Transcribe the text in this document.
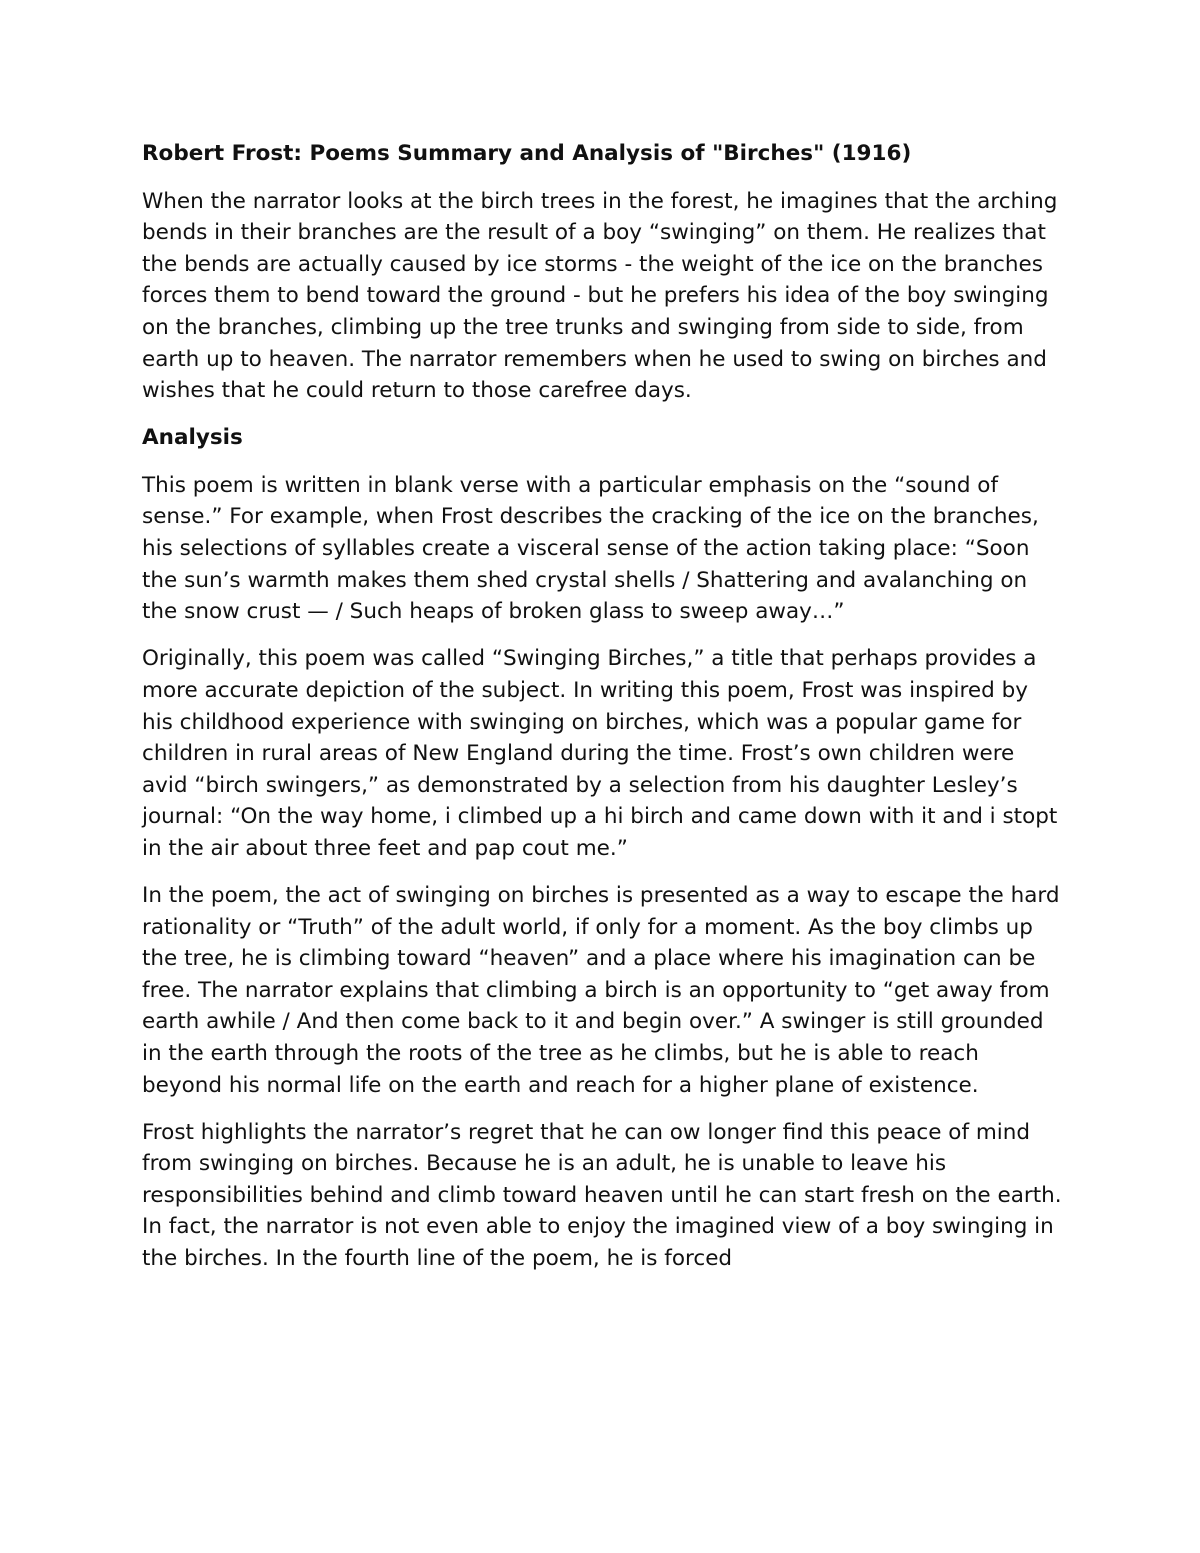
Robert Frost: Poems Summary and Analysis of "Birches" (1916)

When the narrator looks at the birch trees in the forest, he imagines that the arching bends in their branches are the result of a boy “swinging” on them. He realizes that the bends are actually caused by ice storms - the weight of the ice on the branches forces them to bend toward the ground - but he prefers his idea of the boy swinging on the branches, climbing up the tree trunks and swinging from side to side, from earth up to heaven. The narrator remembers when he used to swing on birches and wishes that he could return to those carefree days.

Analysis

This poem is written in blank verse with a particular emphasis on the “sound of sense.” For example, when Frost describes the cracking of the ice on the branches, his selections of syllables create a visceral sense of the action taking place: “Soon the sun’s warmth makes them shed crystal shells / Shattering and avalanching on the snow crust — / Such heaps of broken glass to sweep away…”

Originally, this poem was called “Swinging Birches,” a title that perhaps provides a more accurate depiction of the subject. In writing this poem, Frost was inspired by his childhood experience with swinging on birches, which was a popular game for children in rural areas of New England during the time. Frost’s own children were avid “birch swingers,” as demonstrated by a selection from his daughter Lesley’s journal: “On the way home, i climbed up a hi birch and came down with it and i stopt in the air about three feet and pap cout me.”

In the poem, the act of swinging on birches is presented as a way to escape the hard rationality or “Truth” of the adult world, if only for a moment. As the boy climbs up the tree, he is climbing toward “heaven” and a place where his imagination can be free. The narrator explains that climbing a birch is an opportunity to “get away from earth awhile / And then come back to it and begin over.” A swinger is still grounded in the earth through the roots of the tree as he climbs, but he is able to reach beyond his normal life on the earth and reach for a higher plane of existence.

Frost highlights the narrator’s regret that he can ow longer find this peace of mind from swinging on birches. Because he is an adult, he is unable to leave his responsibilities behind and climb toward heaven until he can start fresh on the earth. In fact, the narrator is not even able to enjoy the imagined view of a boy swinging in the birches. In the fourth line of the poem, he is forced
